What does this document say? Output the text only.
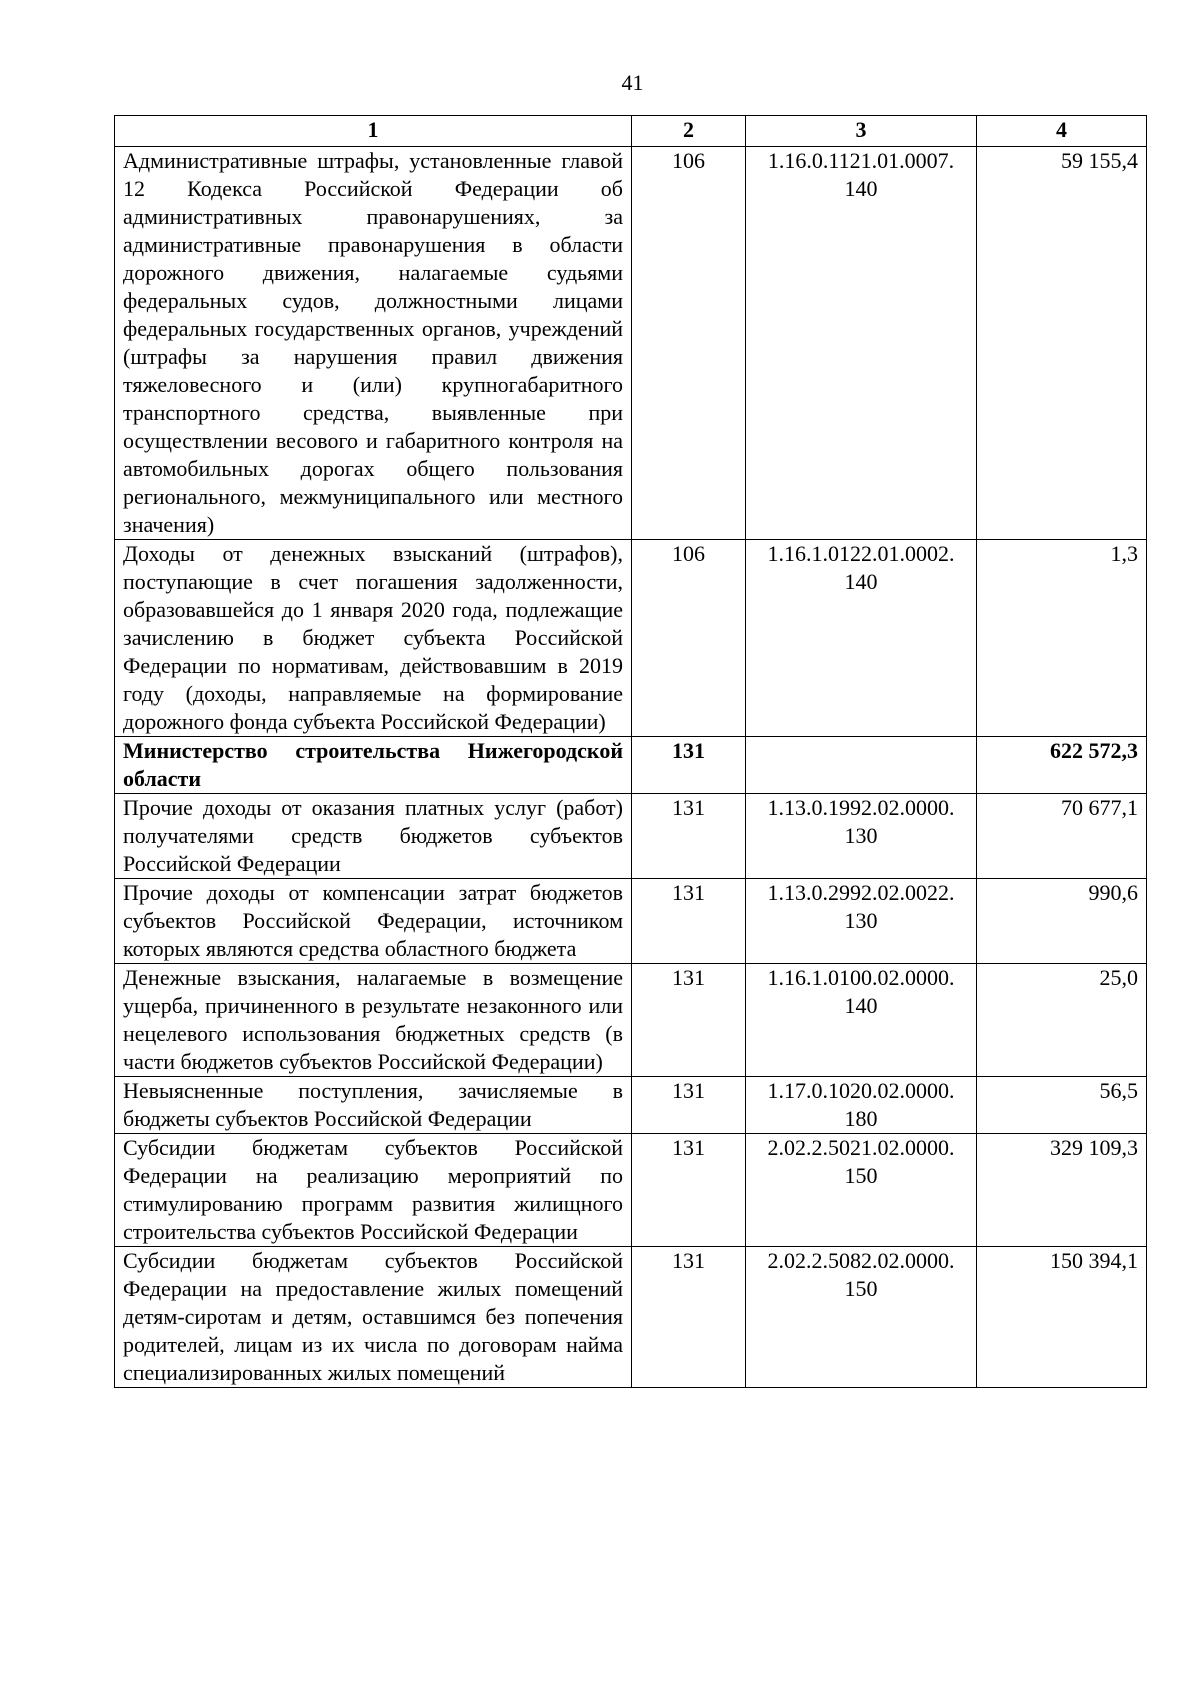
41
1	2	3	4
Административные штрафы, установленные главой 12 Кодекса Российской Федерации об административных правонарушениях, за административные правонарушения в области дорожного движения, налагаемые судьями федеральных судов, должностными лицами федеральных государственных органов, учреждений (штрафы за нарушения правил движения тяжеловесного и (или) крупногабаритного транспортного средства, выявленные при осуществлении весового и габаритного контроля на автомобильных дорогах общего пользования регионального, межмуниципального или местного значения)	106	1.16.0.1121.01.0007. 140	59 155,4
Доходы от денежных взысканий (штрафов), поступающие в счет погашения задолженности, образовавшейся до 1 января 2020 года, подлежащие зачислению в бюджет субъекта Российской Федерации по нормативам, действовавшим в 2019 году (доходы, направляемые на формирование дорожного фонда субъекта Российской Федерации)	106	1.16.1.0122.01.0002. 140	1,3
Министерство строительства Нижегородской области	131		622 572,3
Прочие доходы от оказания платных услуг (работ) получателями средств бюджетов субъектов Российской Федерации	131	1.13.0.1992.02.0000. 130	70 677,1
Прочие доходы от компенсации затрат бюджетов субъектов Российской Федерации, источником которых являются средства областного бюджета	131	1.13.0.2992.02.0022. 130	990,6
Денежные взыскания, налагаемые в возмещение ущерба, причиненного в результате незаконного или нецелевого использования бюджетных средств (в части бюджетов субъектов Российской Федерации)	131	1.16.1.0100.02.0000. 140	25,0
Невыясненные поступления, зачисляемые в бюджеты субъектов Российской Федерации	131	1.17.0.1020.02.0000. 180	56,5
Субсидии бюджетам субъектов Российской Федерации на реализацию мероприятий по стимулированию программ развития жилищного строительства субъектов Российской Федерации	131	2.02.2.5021.02.0000. 150	329 109,3
Субсидии бюджетам субъектов Российской Федерации на предоставление жилых помещений детям-сиротам и детям, оставшимся без попечения родителей, лицам из их числа по договорам найма специализированных жилых помещений	131	2.02.2.5082.02.0000. 150	150 394,1
